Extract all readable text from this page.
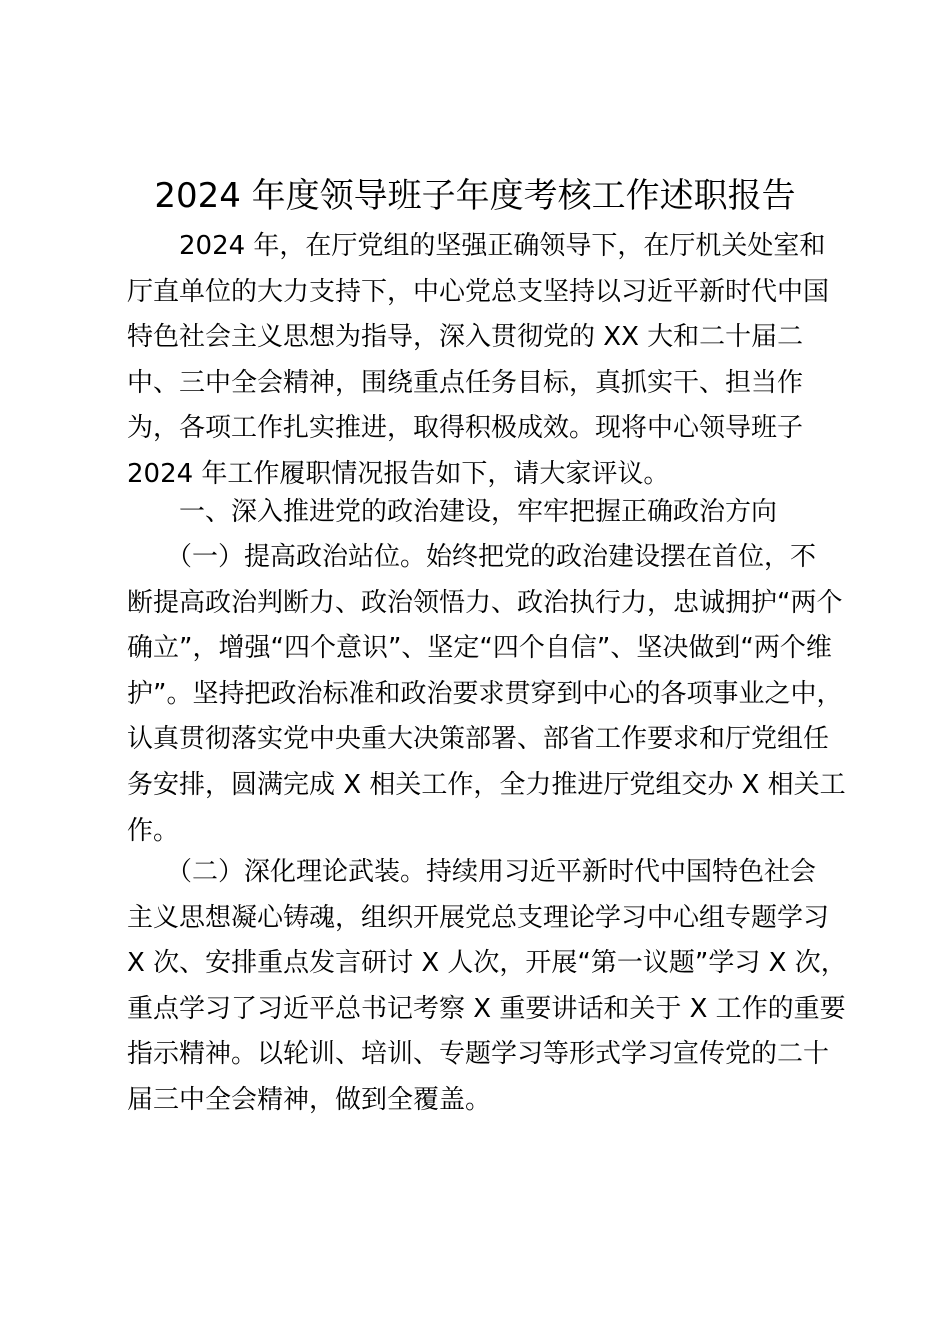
2024 年度领导班子年度考核工作述职报告
　　2024 年，在厅党组的坚强正确领导下，在厅机关处室和
厅直单位的大力支持下，中心党总支坚持以习近平新时代中国
特色社会主义思想为指导，深入贯彻党的 XX 大和二十届二
中、三中全会精神，围绕重点任务目标，真抓实干、担当作
为，各项工作扎实推进，取得积极成效。现将中心领导班子
2024 年工作履职情况报告如下，请大家评议。
　　一、深入推进党的政治建设，牢牢把握正确政治方向
　　（一）提高政治站位。始终把党的政治建设摆在首位，不
断提高政治判断力、政治领悟力、政治执行力，忠诚拥护“两个
确立”，增强“四个意识”、坚定“四个自信”、坚决做到“两个维
护”。坚持把政治标准和政治要求贯穿到中心的各项事业之中，
认真贯彻落实党中央重大决策部署、部省工作要求和厅党组任
务安排，圆满完成 X 相关工作，全力推进厅党组交办 X 相关工
作。
　　（二）深化理论武装。持续用习近平新时代中国特色社会
主义思想凝心铸魂，组织开展党总支理论学习中心组专题学习
X 次、安排重点发言研讨 X 人次，开展“第一议题”学习 X 次，
重点学习了习近平总书记考察 X 重要讲话和关于 X 工作的重要
指示精神。以轮训、培训、专题学习等形式学习宣传党的二十
届三中全会精神，做到全覆盖。
